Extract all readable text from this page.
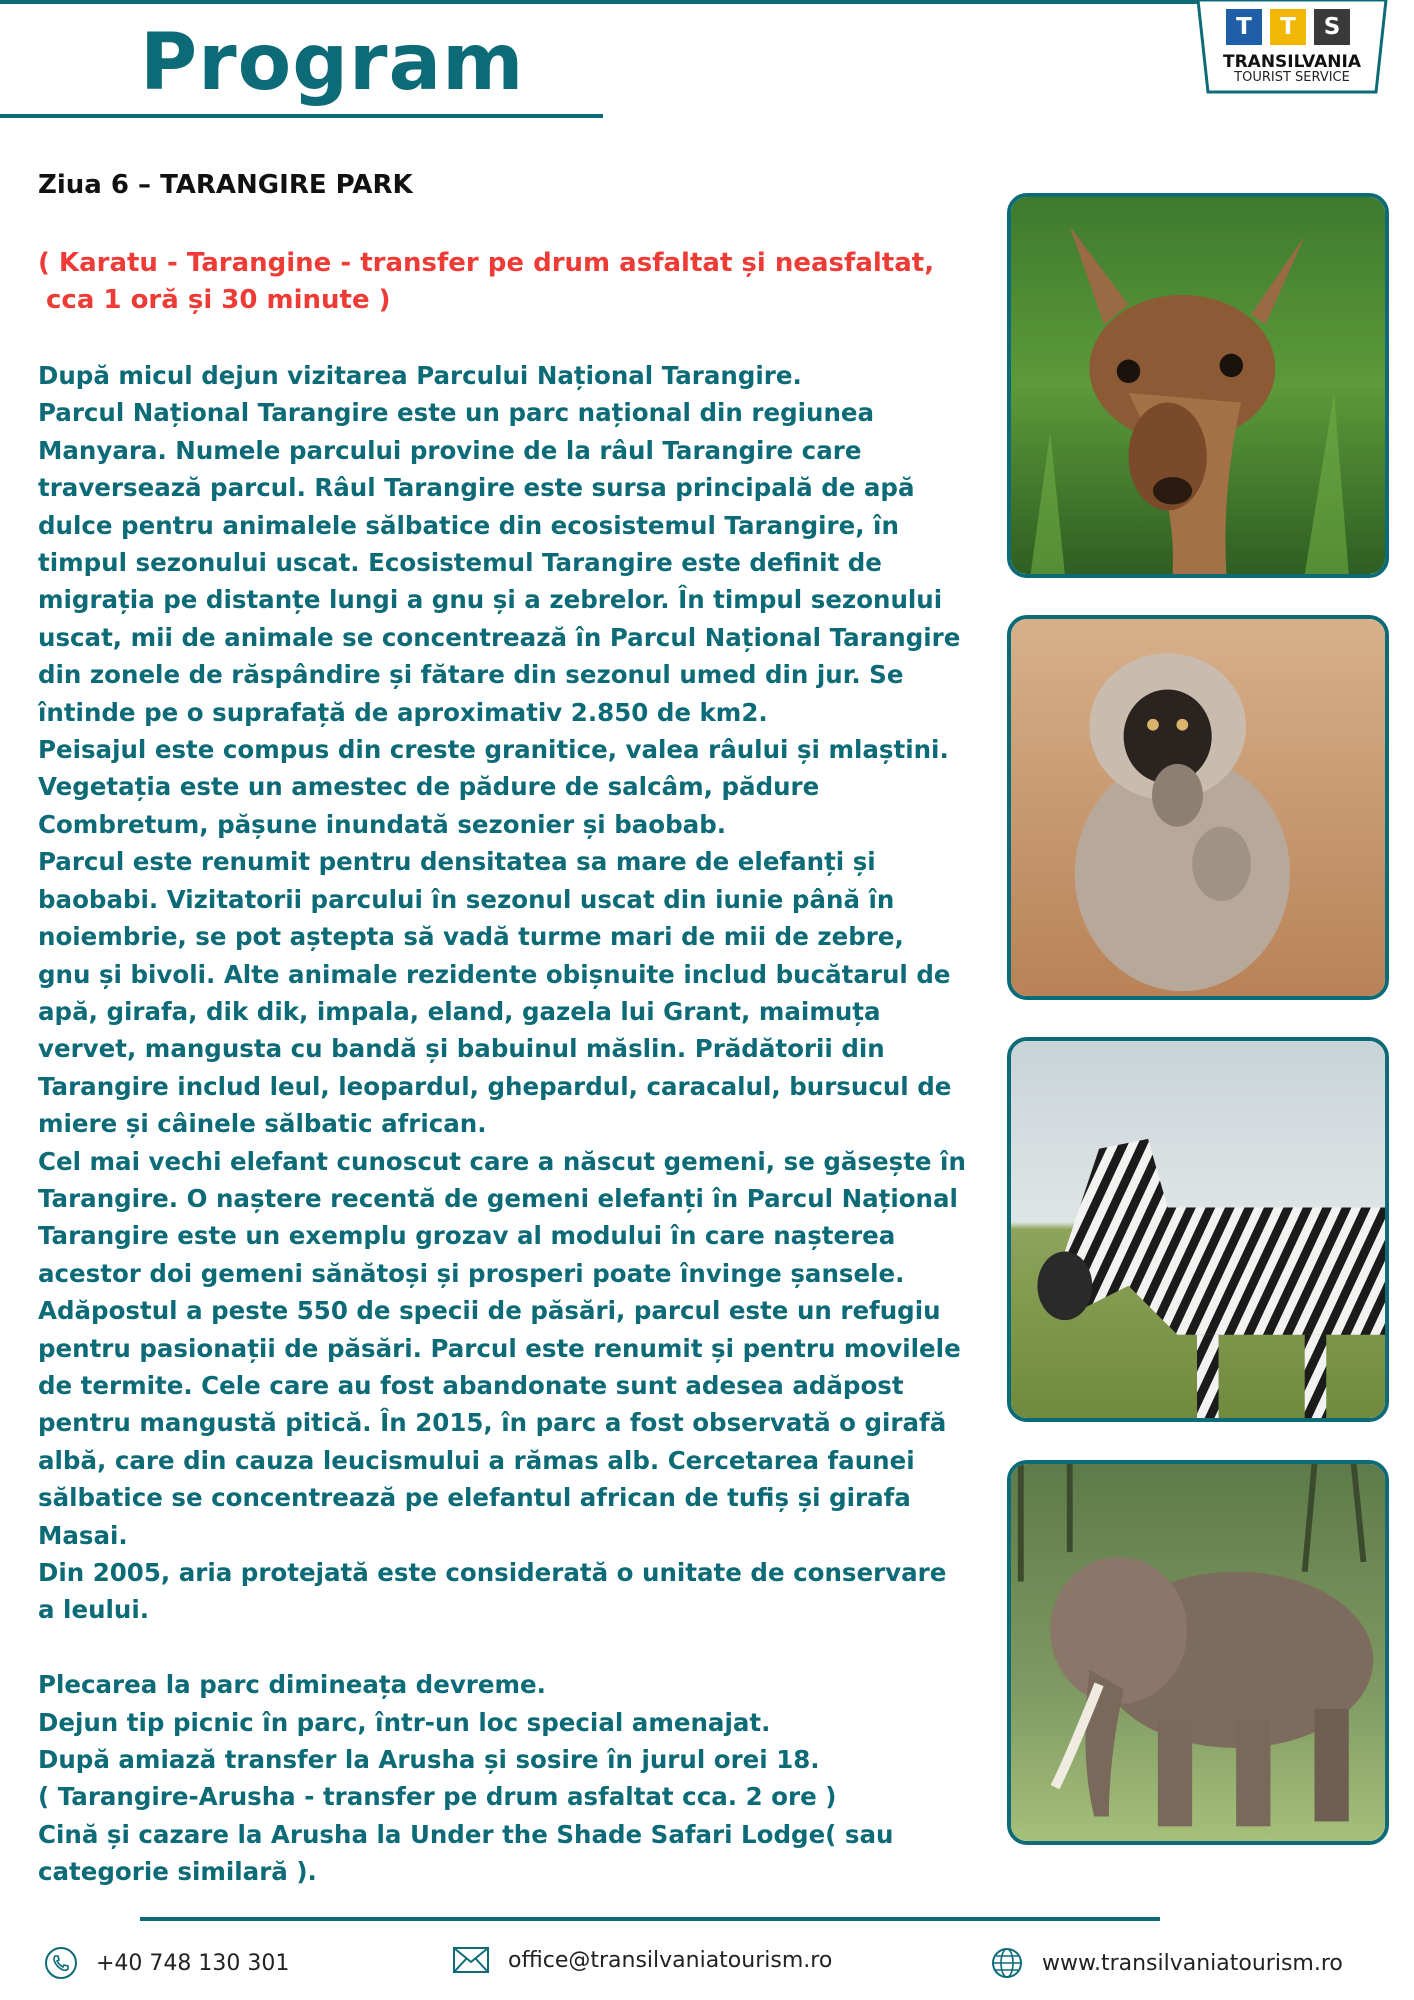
Program	T	T	S
TRANSILVANIA
TOURIST SERVICE
Ziua 6 – TARANGIRE PARK
( Karatu - Tarangine - transfer pe drum asfaltat și neasfaltat,
cca 1 oră și 30 minute )
După micul dejun vizitarea Parcului Național Tarangire.
Parcul Național Tarangire este un parc național din regiunea
Manyara. Numele parcului provine de la râul Tarangire care
traversează parcul. Râul Tarangire este sursa principală de apă
dulce pentru animalele sălbatice din ecosistemul Tarangire, în
timpul sezonului uscat. Ecosistemul Tarangire este definit de
migrația pe distanțe lungi a gnu și a zebrelor. În timpul sezonului
uscat, mii de animale se concentrează în Parcul Național Tarangire
din zonele de răspândire și fătare din sezonul umed din jur. Se
întinde pe o suprafață de aproximativ 2.850 de km2.
Peisajul este compus din creste granitice, valea râului și mlaștini.
Vegetația este un amestec de pădure de salcâm, pădure
Combretum, pășune inundată sezonier și baobab.
Parcul este renumit pentru densitatea sa mare de elefanți și
baobabi. Vizitatorii parcului în sezonul uscat din iunie până în
noiembrie, se pot aștepta să vadă turme mari de mii de zebre,
gnu și bivoli. Alte animale rezidente obișnuite includ bucătarul de
apă, girafa, dik dik, impala, eland, gazela lui Grant, maimuța
vervet, mangusta cu bandă și babuinul măslin. Prădătorii din
Tarangire includ leul, leopardul, ghepardul, caracalul, bursucul de
miere și câinele sălbatic african.
Cel mai vechi elefant cunoscut care a născut gemeni, se găsește în
Tarangire. O naștere recentă de gemeni elefanți în Parcul Național
Tarangire este un exemplu grozav al modului în care nașterea
acestor doi gemeni sănătoși și prosperi poate învinge șansele.
Adăpostul a peste 550 de specii de păsări, parcul este un refugiu
pentru pasionații de păsări. Parcul este renumit și pentru movilele
de termite. Cele care au fost abandonate sunt adesea adăpost
pentru mangustă pitică. În 2015, în parc a fost observată o girafă
albă, care din cauza leucismului a rămas alb. Cercetarea faunei
sălbatice se concentrează pe elefantul african de tufiș și girafa
Masai.
Din 2005, aria protejată este considerată o unitate de conservare
a leului.
Plecarea la parc dimineața devreme.
Dejun tip picnic în parc, într-un loc special amenajat.
După amiază transfer la Arusha și sosire în jurul orei 18.
( Tarangire-Arusha - transfer pe drum asfaltat cca. 2 ore )
Cină și cazare la Arusha la Under the Shade Safari Lodge( sau
categorie similară ).
+40 748 130 301	office@transilvaniatourism.ro	www.transilvaniatourism.ro
